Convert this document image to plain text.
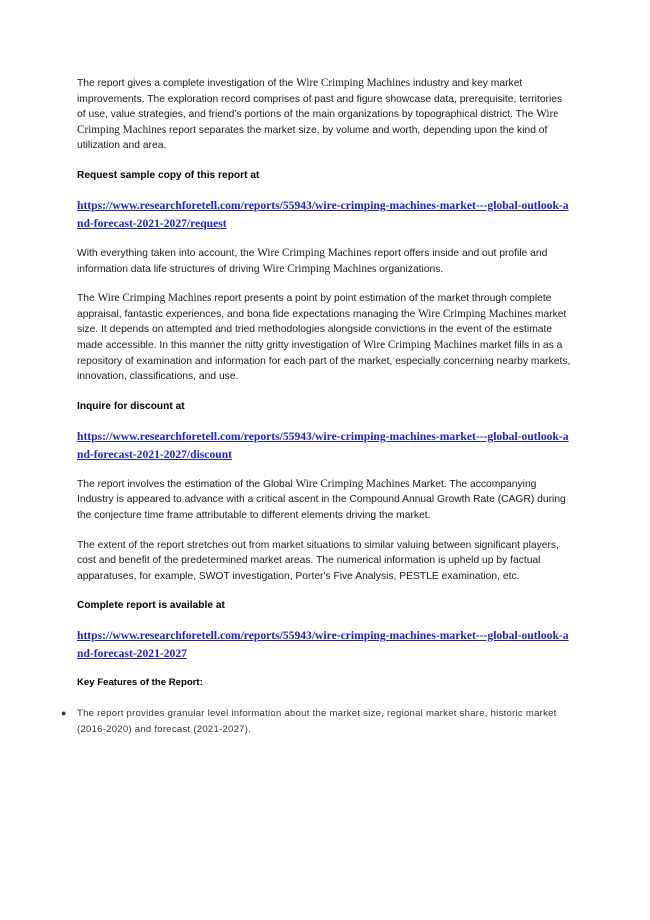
The report gives a complete investigation of the Wire Crimping Machines industry and key market improvements. The exploration record comprises of past and figure showcase data, prerequisite, territories of use, value strategies, and friend’s portions of the main organizations by topographical district. The Wire Crimping Machines report separates the market size, by volume and worth, depending upon the kind of utilization and area.

Request sample copy of this report at
https://www.researchforetell.com/reports/55943/wire-crimping-machines-market---global-outlook-and-forecast-2021-2027/request

With everything taken into account, the Wire Crimping Machines report offers inside and out profile and information data life structures of driving Wire Crimping Machines organizations.

The Wire Crimping Machines report presents a point by point estimation of the market through complete appraisal, fantastic experiences, and bona fide expectations managing the Wire Crimping Machines market size. It depends on attempted and tried methodologies alongside convictions in the event of the estimate made accessible. In this manner the nitty gritty investigation of Wire Crimping Machines market fills in as a repository of examination and information for each part of the market, especially concerning nearby markets, innovation, classifications, and use.

Inquire for discount at
https://www.researchforetell.com/reports/55943/wire-crimping-machines-market---global-outlook-and-forecast-2021-2027/discount

The report involves the estimation of the Global Wire Crimping Machines Market. The accompanying Industry is appeared to advance with a critical ascent in the Compound Annual Growth Rate (CAGR) during the conjecture time frame attributable to different elements driving the market.

The extent of the report stretches out from market situations to similar valuing between significant players, cost and benefit of the predetermined market areas. The numerical information is upheld up by factual apparatuses, for example, SWOT investigation, Porter's Five Analysis, PESTLE examination, etc.

Complete report is available at
https://www.researchforetell.com/reports/55943/wire-crimping-machines-market---global-outlook-and-forecast-2021-2027
Key Features of the Report:
●	The report provides granular level information about the market size, regional market share, historic market (2016-2020) and forecast (2021-2027).
